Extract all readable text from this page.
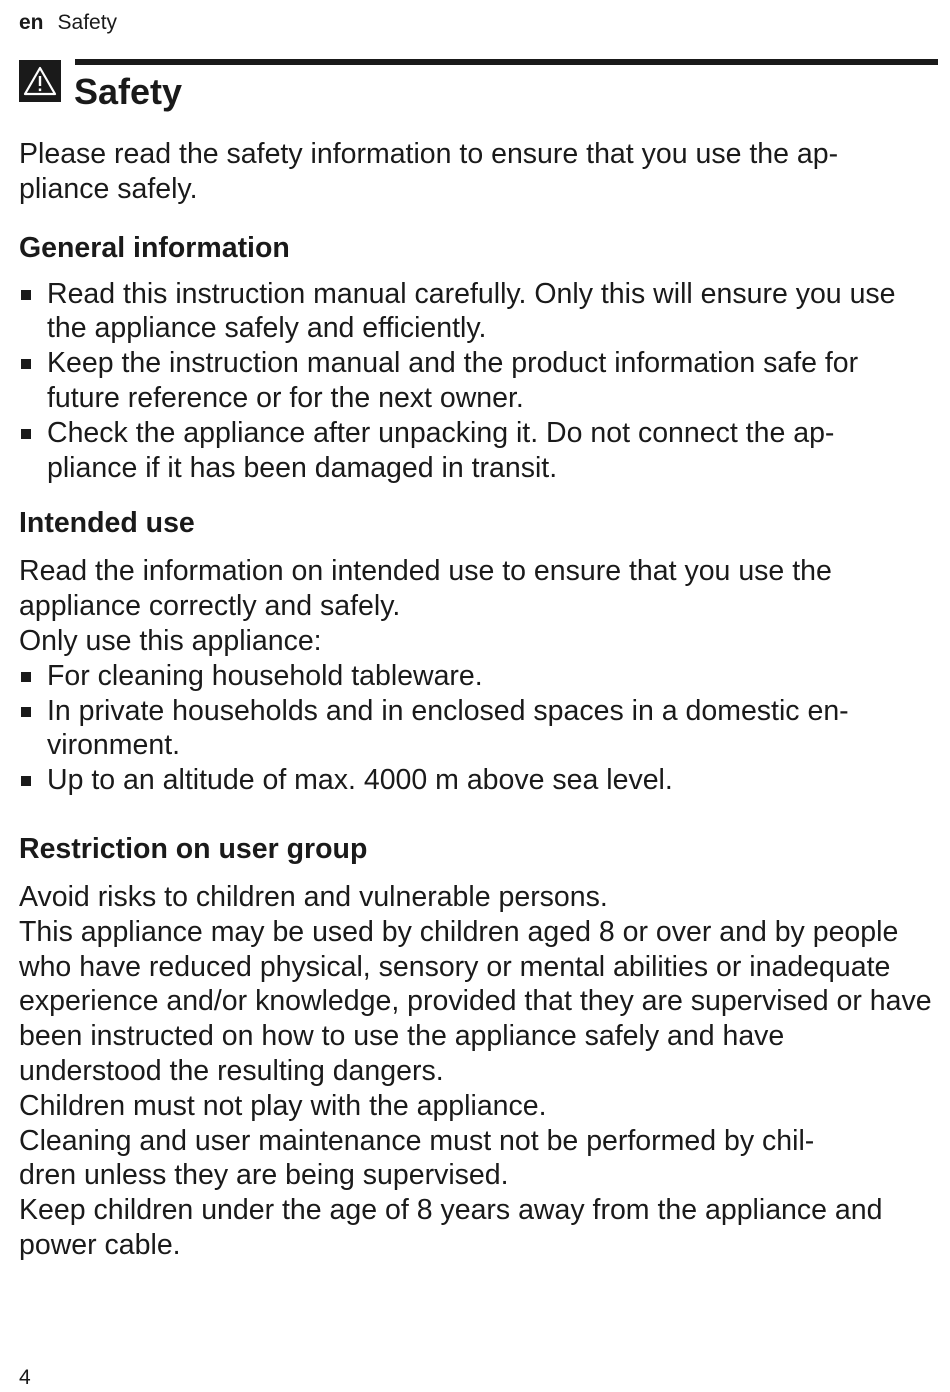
en Safety
Safety

Please read the safety information to ensure that you use the ap-
pliance safely.

General information
Read this instruction manual carefully. Only this will ensure you use the appliance safely and efficiently.
Keep the instruction manual and the product information safe for future reference or for the next owner.
Check the appliance after unpacking it. Do not connect the ap-
pliance if it has been damaged in transit.
Intended use

Read the information on intended use to ensure that you use the appliance correctly and safely.

Only use this appliance:

For cleaning household tableware.
In private households and in enclosed spaces in a domestic en-
vironment.
Up to an altitude of max. 4000 m above sea level.
Restriction on user group

Avoid risks to children and vulnerable persons.

This appliance may be used by children aged 8 or over and by people who have reduced physical, sensory or mental abilities or inadequate experience and/or knowledge, provided that they are supervised or have been instructed on how to use the appliance safely and have understood the resulting dangers.

Children must not play with the appliance.

Cleaning and user maintenance must not be performed by chil-
dren unless they are being supervised.

Keep children under the age of 8 years away from the appliance and power cable.

4
